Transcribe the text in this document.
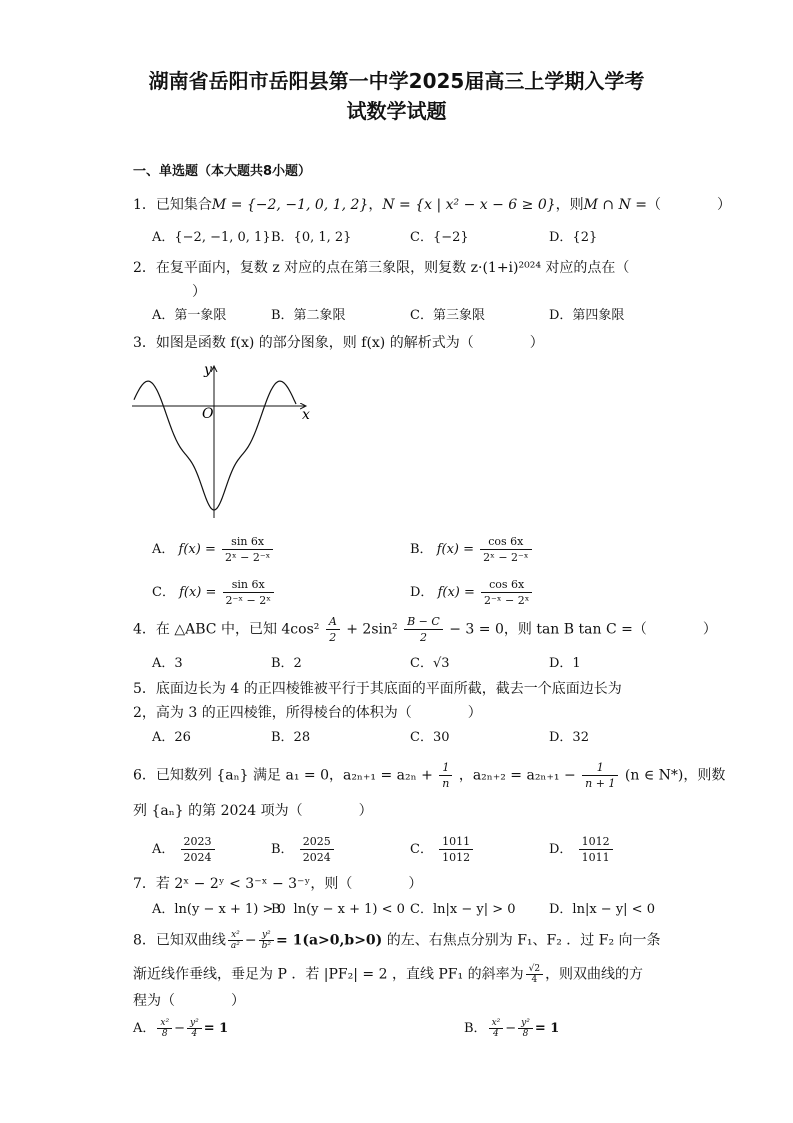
湖南省岳阳市岳阳县第一中学2025届高三上学期入学考
试数学试题
一、单选题（本大题共8小题）
1．已知集合M = {−2, −1, 0, 1, 2}，N = {x | x² − x − 6 ≥ 0}，则M ∩ N =（　　　　）
A．{−2, −1, 0, 1} B．{0, 1, 2}	C．{−2}	D．{2}
2．在复平面内，复数 z 对应的点在第三象限，则复数 z·(1+i)²⁰²⁴ 对应的点在（
）
A．第一象限	B．第二象限	C．第三象限	D．第四象限
3．如图是函数 f(x) 的部分图象，则 f(x) 的解析式为（　　　　）
y
x
O
A． $f(x) = \frac{\sin 6x}{\text{2ˣ − 2⁻ˣ}}$	B． $f(x) = \frac{\cos 6x}{\text{2ˣ − 2⁻ˣ}}$
C． $f(x) = \frac{\sin 6x}{\text{2⁻ˣ − 2ˣ}}$	D． $f(x) = \frac{\cos 6x}{\text{2⁻ˣ − 2ˣ}}$
4．在 △ABC 中，已知 $4\cos^2 \frac{A}{2} + 2\sin^2 \frac{B - C}{2} - 3 = 0$，则 tan B tan C =（　　　　）
A．3	B．2	C．√3	D．1
5．底面边长为 4 的正四棱锥被平行于其底面的平面所截，截去一个底面边长为
2，高为 3 的正四棱锥，所得棱台的体积为（　　　　）
A．26	B．28	C．30	D．32
6．已知数列 {aₙ} 满足 a₁ = 0，$a_{2n+1} = a_{2n} + \frac{1}{n}$ ，$a_{2n+2} = a_{2n+1} - \frac{1}{n + 1} (n$ ∈ N*)，则数
列 {aₙ} 的第 2024 项为（　　　　）
A． $\frac{2023}{2024}$	B． $\frac{2025}{2024}$	C． $\frac{1011}{1012}$	D． $\frac{1012}{1011}$
7．若 2ˣ − 2ʸ < 3⁻ˣ − 3⁻ʸ，则（　　　　）
A．ln(y − x + 1) > 0
B．ln(y − x + 1) < 0 C．ln|x − y| > 0	D．ln|x − y| < 0
8．已知双曲线 $\frac{\text{x²}}{\text{a²}} - \frac{\text{y²}}{\text{b²}} = 1(a>0,b>0)$ 的左、右焦点分别为 F₁、F₂ ．过 F₂ 向一条
渐近线作垂线，垂足为 P ．若 |PF₂| = 2 ，直线 PF₁ 的斜率为 $\frac{√2}{4}$ ，则双曲线的方
程为（　　　　）
A． $\frac{\text{x²}}{8} - \frac{\text{y²}}{4} = 1$	B． $\frac{\text{x²}}{4} - \frac{\text{y²}}{8} = 1$
